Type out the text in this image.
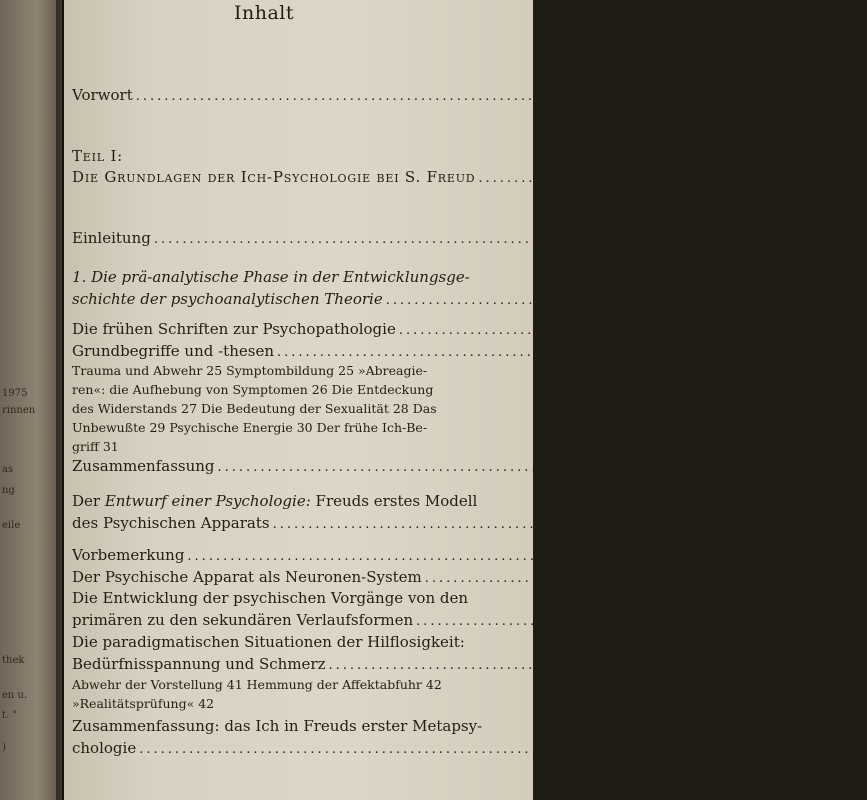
1975
rinnen
as
ng
eile
thek
en u.
t. "
)
Inhalt
Vorwort ........................................................................................ 11
Teil I:
Die Grundlagen der Ich-Psychologie bei S. Freud ........................ 15
Einleitung ........................................................................................ 17
1. Die prä-analytische Phase in der Entwicklungsge-
schichte der psychoanalytischen Theorie ........................................................ 24
Die frühen Schriften zur Psychopathologie ........................................ 24
Grundbegriffe und -thesen ........................................................................ 24
Trauma und Abwehr 25 Symptombildung 25 »Abreagie-
ren«: die Aufhebung von Symptomen 26 Die Entdeckung
des Widerstands 27 Die Bedeutung der Sexualität 28 Das
Unbewußte 29 Psychische Energie 30 Der frühe Ich-Be-
griff 31
Zusammenfassung ........................................................................................ 32
Der Entwurf einer Psychologie: Freuds erstes Modell
des Psychischen Apparats ........................................................................ 33
Vorbemerkung ........................................................................................ 33
Der Psychische Apparat als Neuronen-System ................................ 35
Die Entwicklung der psychischen Vorgänge von den
primären zu den sekundären Verlaufsformen ................................ 37
Die paradigmatischen Situationen der Hilflosigkeit:
Bedürfnisspannung und Schmerz ........................................................ 38
Abwehr der Vorstellung 41 Hemmung der Affektabfuhr 42
»Realitätsprüfung« 42
Zusammenfassung: das Ich in Freuds erster Metapsy-
chologie ........................................................................................ 44
